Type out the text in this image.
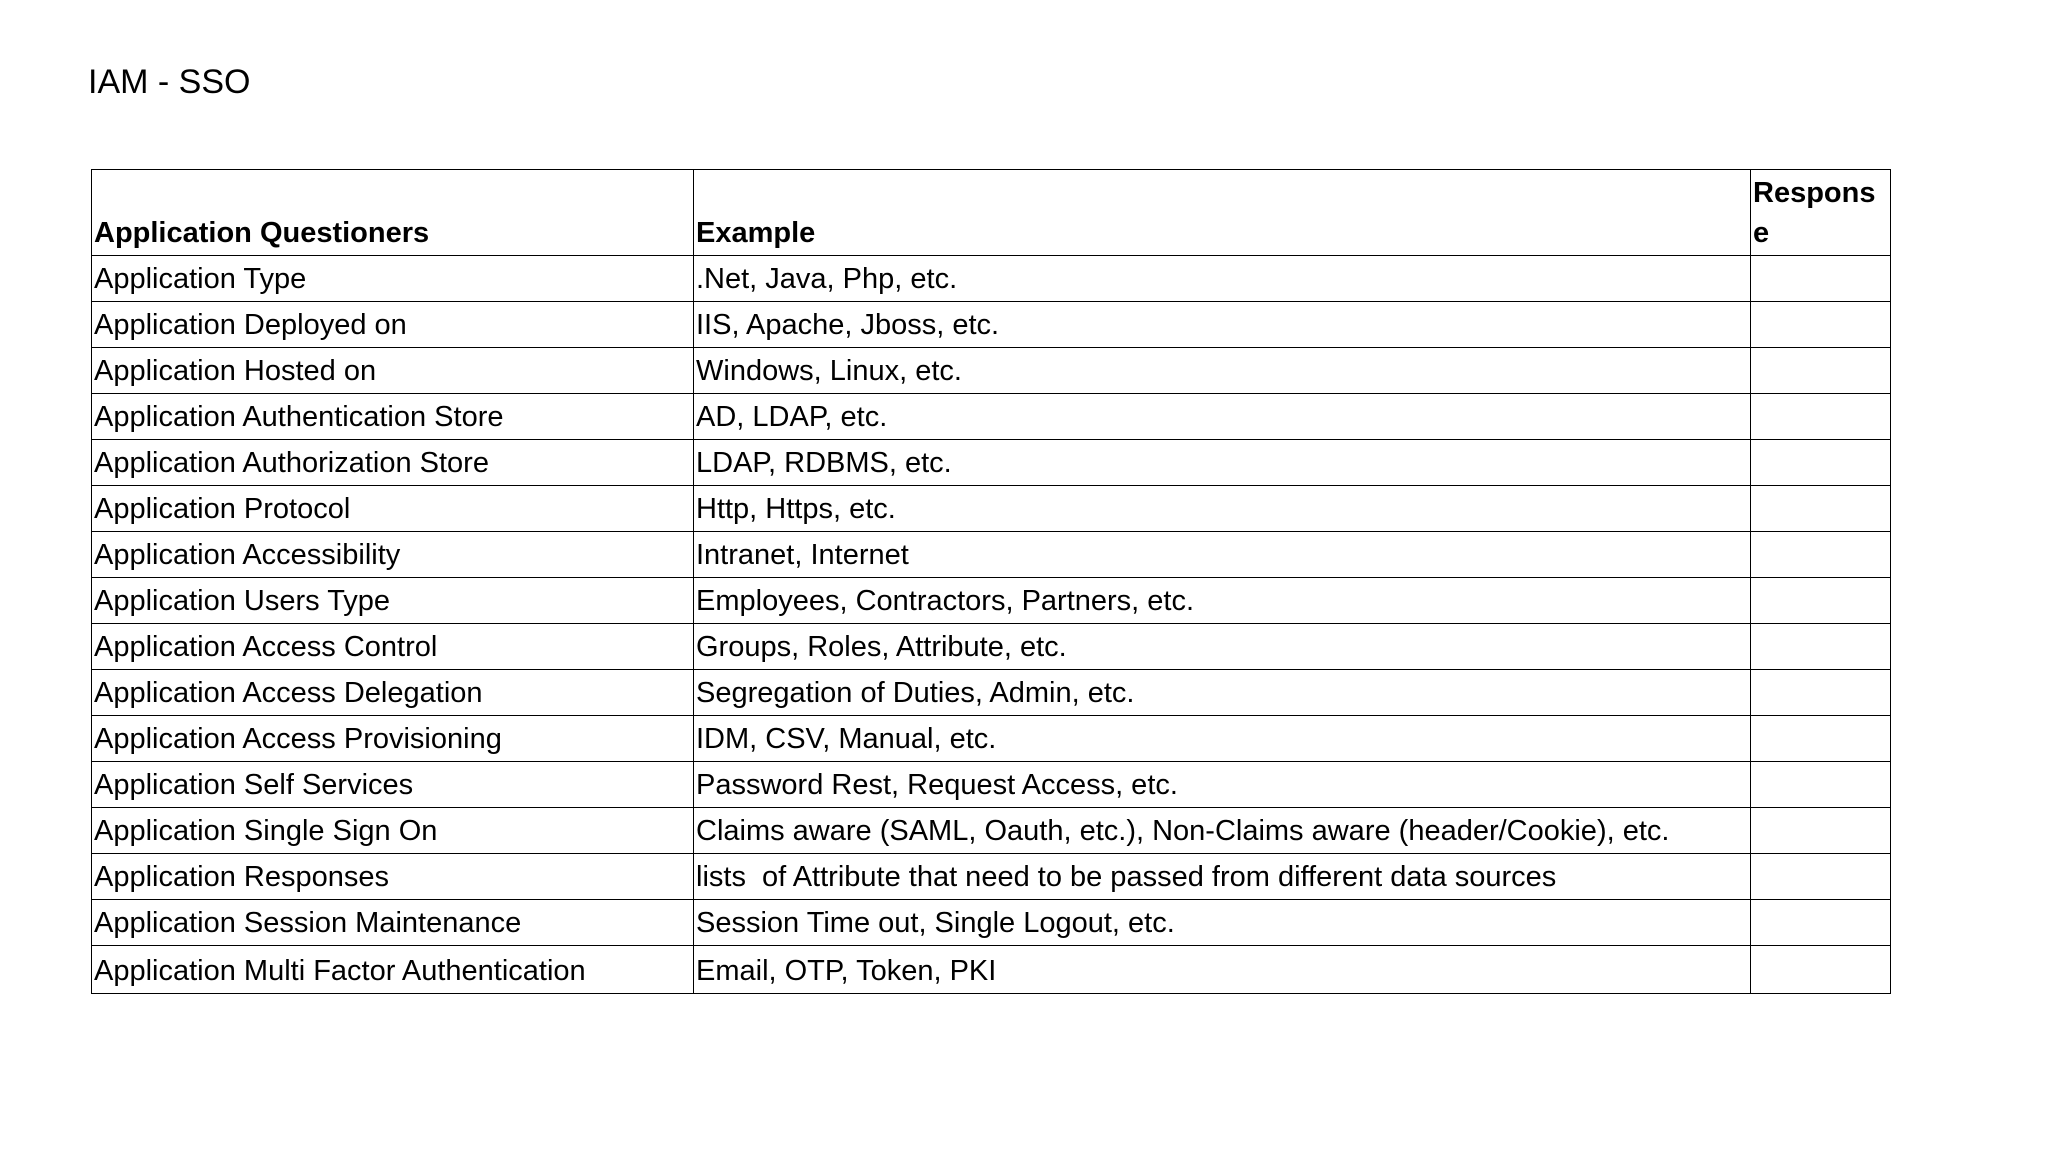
IAM - SSO
Application Questioners	Example	Response
Application Type	.Net, Java, Php, etc.	
Application Deployed on	IIS, Apache, Jboss, etc.	
Application Hosted on	Windows, Linux, etc.	
Application Authentication Store	AD, LDAP, etc.	
Application Authorization Store	LDAP, RDBMS, etc.	
Application Protocol	Http, Https, etc.	
Application Accessibility	Intranet, Internet	
Application Users Type	Employees, Contractors, Partners, etc.	
Application Access Control	Groups, Roles, Attribute, etc.	
Application Access Delegation	Segregation of Duties, Admin, etc.	
Application Access Provisioning	IDM, CSV, Manual, etc.	
Application Self Services	Password Rest, Request Access, etc.	
Application Single Sign On	Claims aware (SAML, Oauth, etc.), Non-Claims aware (header/Cookie), etc.	
Application Responses	lists  of Attribute that need to be passed from different data sources	
Application Session Maintenance	Session Time out, Single Logout, etc.	
Application Multi Factor Authentication	Email, OTP, Token, PKI	
